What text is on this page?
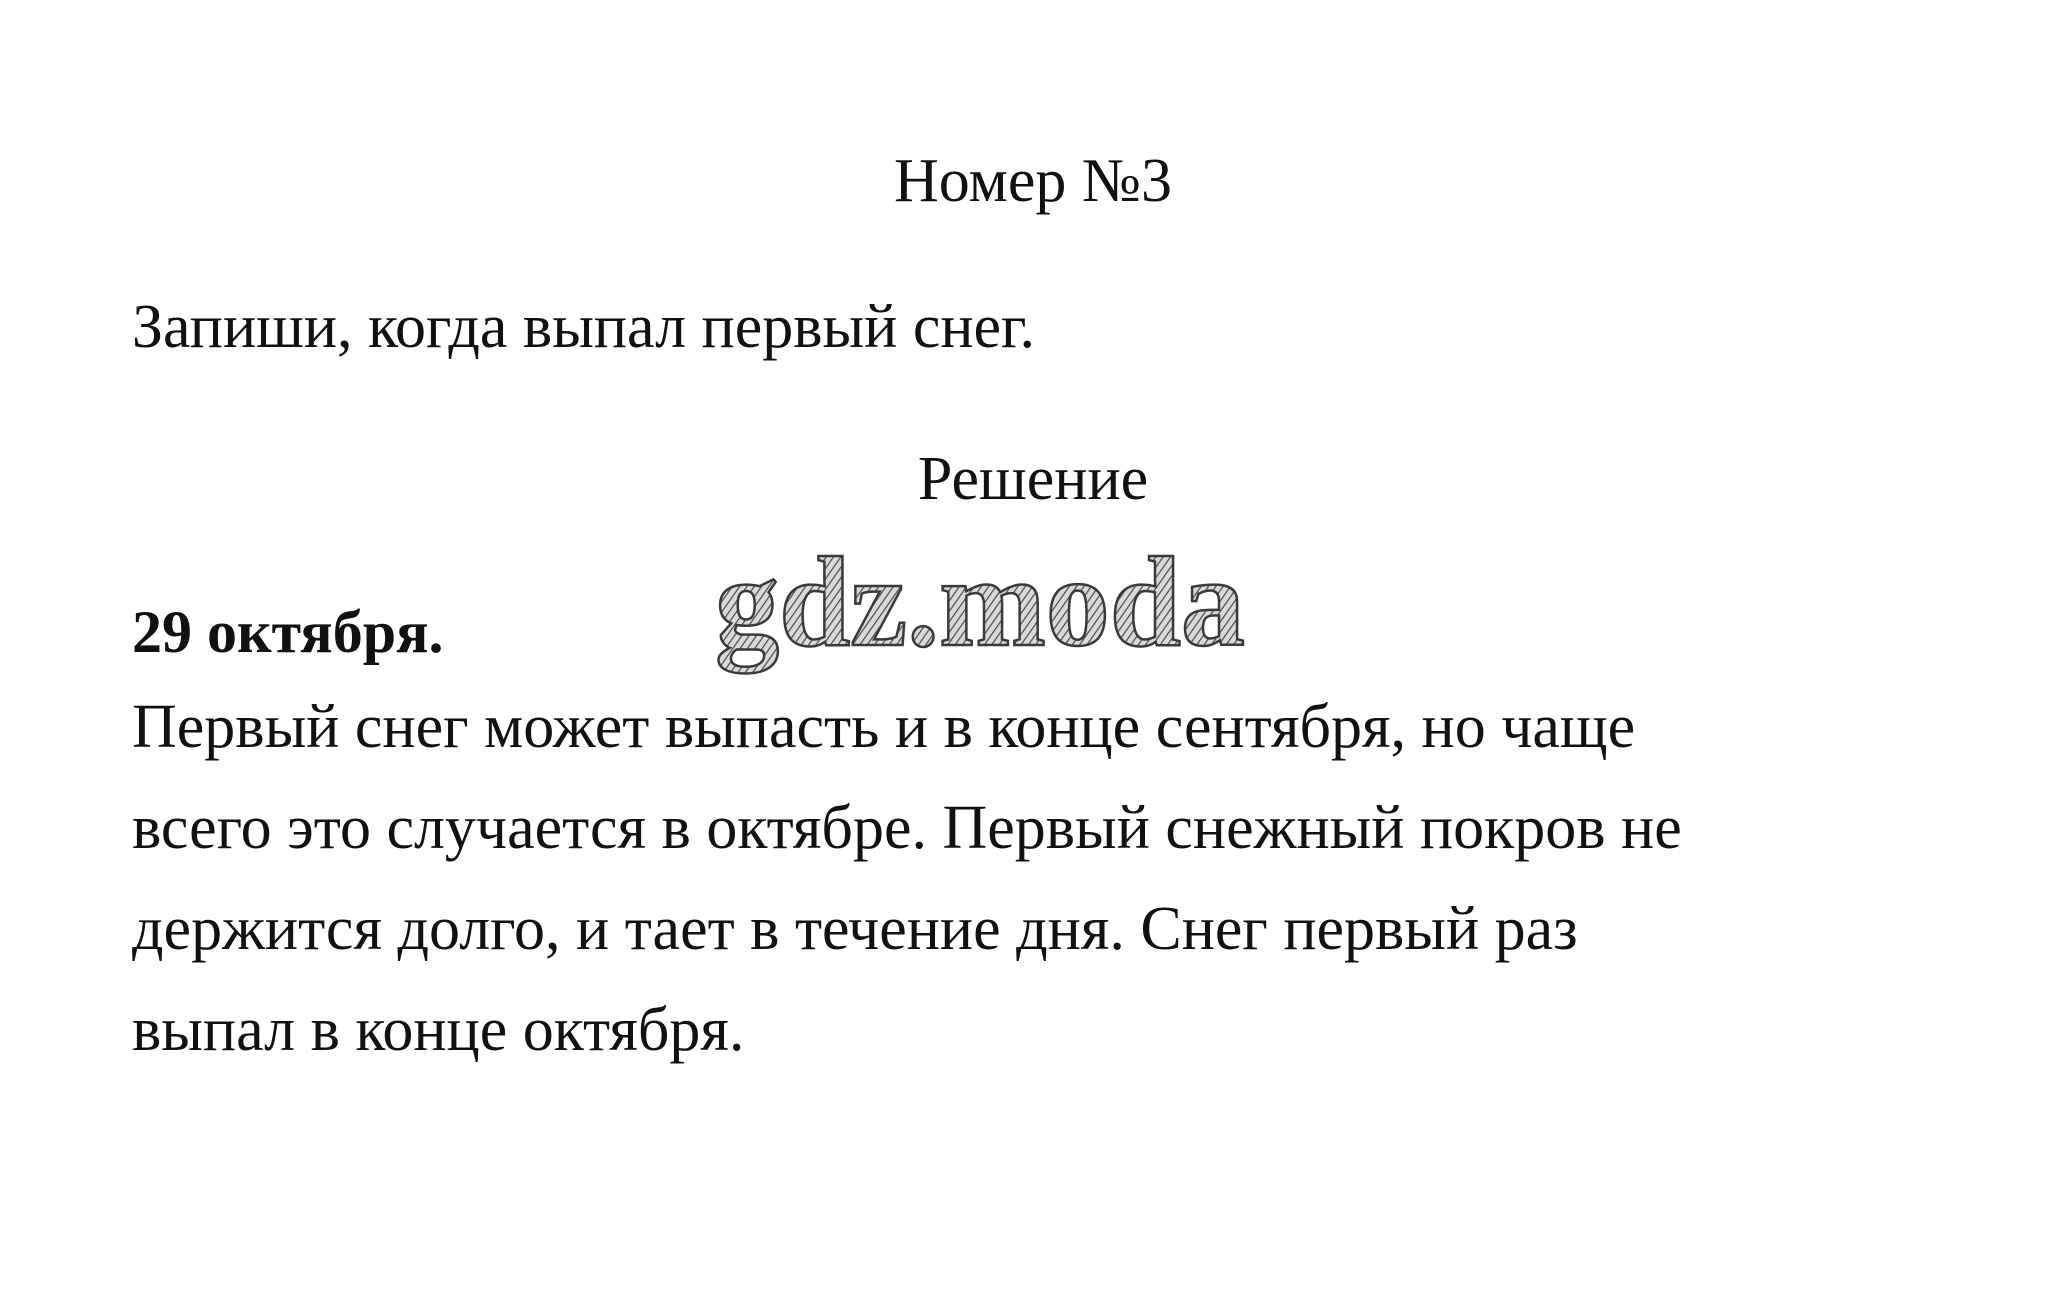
Номер №3
Запиши, когда выпал первый снег.
Решение
29 октября. gdz.moda
Первый снег может выпасть и в конце сентября, но чаще
всего это случается в октябре. Первый снежный покров не
держится долго, и тает в течение дня. Снег первый раз
выпал в конце октября.
